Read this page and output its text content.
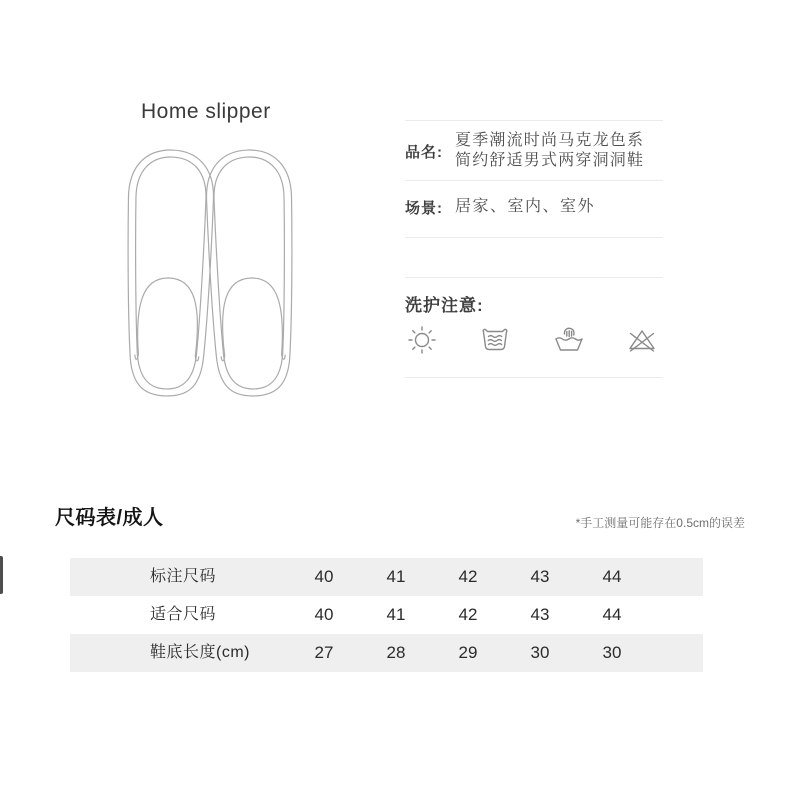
Home slipper
品名:
夏季潮流时尚马克龙色系
简约舒适男式两穿洞洞鞋
场景: 居家、室内、室外
洗护注意:
尺码表/成人	*手工测量可能存在0.5cm的误差
标注尺码	40	41	42	43	44
适合尺码	40	41	42	43	44
鞋底长度(cm)	27	28	29	30	30
